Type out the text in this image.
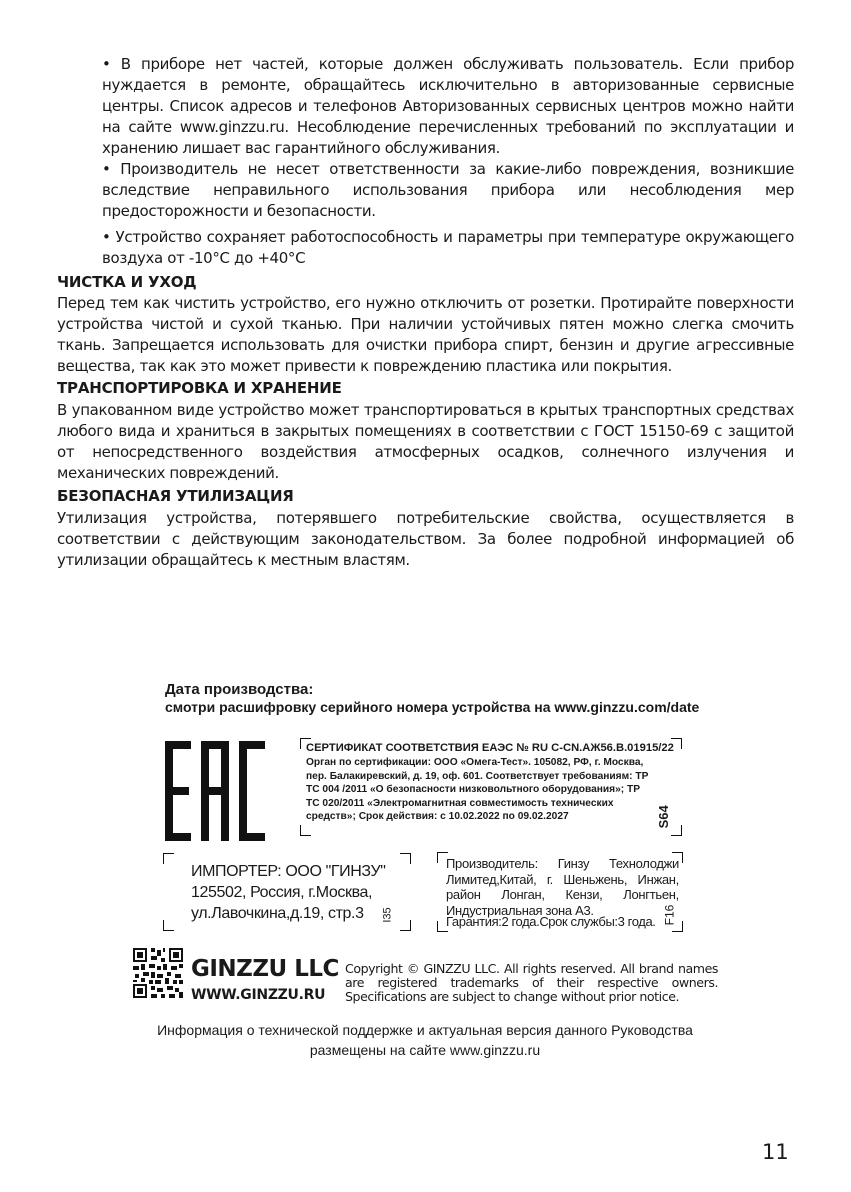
• В приборе нет частей, которые должен обслуживать пользователь. Если прибор нуждается в ремонте, обращайтесь исключительно в авторизованные сервисные центры. Список адресов и телефонов Авторизованных сервисных центров можно найти на сайте www.ginzzu.ru. Несоблюдение перечисленных требований по эксплуатации и хранению лишает вас гарантийного обслуживания.

• Производитель не несет ответственности за какие-либо повреждения, возникшие вследствие неправильного использования прибора или несоблюдения мер предосторожности и безопасности.

• Устройство сохраняет работоспособность и параметры при температуре окружающего воздуха от -10°C до +40°C

ЧИСТКА И УХОД

Перед тем как чистить устройство, его нужно отключить от розетки. Протирайте поверхности устройства чистой и сухой тканью. При наличии устойчивых пятен можно слегка смочить ткань. Запрещается использовать для очистки прибора спирт, бензин и другие агрессивные вещества, так как это может привести к повреждению пластика или покрытия.

ТРАНСПОРТИРОВКА И ХРАНЕНИЕ

В упакованном виде устройство может транспортироваться в крытых транспортных средствах любого вида и храниться в закрытых помещениях в соответствии с ГОСТ 15150-69 с защитой от непосредственного воздействия атмосферных осадков, солнечного излучения и механических повреждений.

БЕЗОПАСНАЯ УТИЛИЗАЦИЯ

Утилизация устройства, потерявшего потребительские свойства, осуществляется в соответствии с действующим законодательством. За более подробной информацией об утилизации обращайтесь к местным властям.

Дата производства:
смотри расшифровку серийного номера устройства на www.ginzzu.com/date
СЕРТИФИКАТ СООТВЕТСТВИЯ ЕАЭС № RU C-CN.АЖ56.В.01915/22
Орган по сертификации: ООО «Омега-Тест». 105082, РФ, г. Москва, пер. Балакиревский, д. 19, оф. 601. Соответствует требованиям: ТР ТС 004 /2011 «О безопасности низковольтного оборудования»; ТР ТС 020/2011 «Электромагнитная совместимость технических средств»; Срок действия: с 10.02.2022 по 09.02.2027	S64
ИМПОРТЕР: ООО "ГИНЗУ"
125502, Россия, г.Москва,
ул.Лавочкина,д.19, стр.3 I35
Производитель: Гинзу Технолоджи Лимитед,Китай, г. Шеньжень, Инжан, район Лонган, Кензи, Лонгтьен, Индустриальная зона А3.
Гарантия:2 года.Срок службы:3 года. F16
GINZZU LLC
WWW.GINZZU.RU
Copyright © GINZZU LLC. All rights reserved. All brand names are registered trademarks of their respective owners. Specifications are subject to change without prior notice.
Информация о технической поддержке и актуальная версия данного Руководства
размещены на сайте www.ginzzu.ru
11
